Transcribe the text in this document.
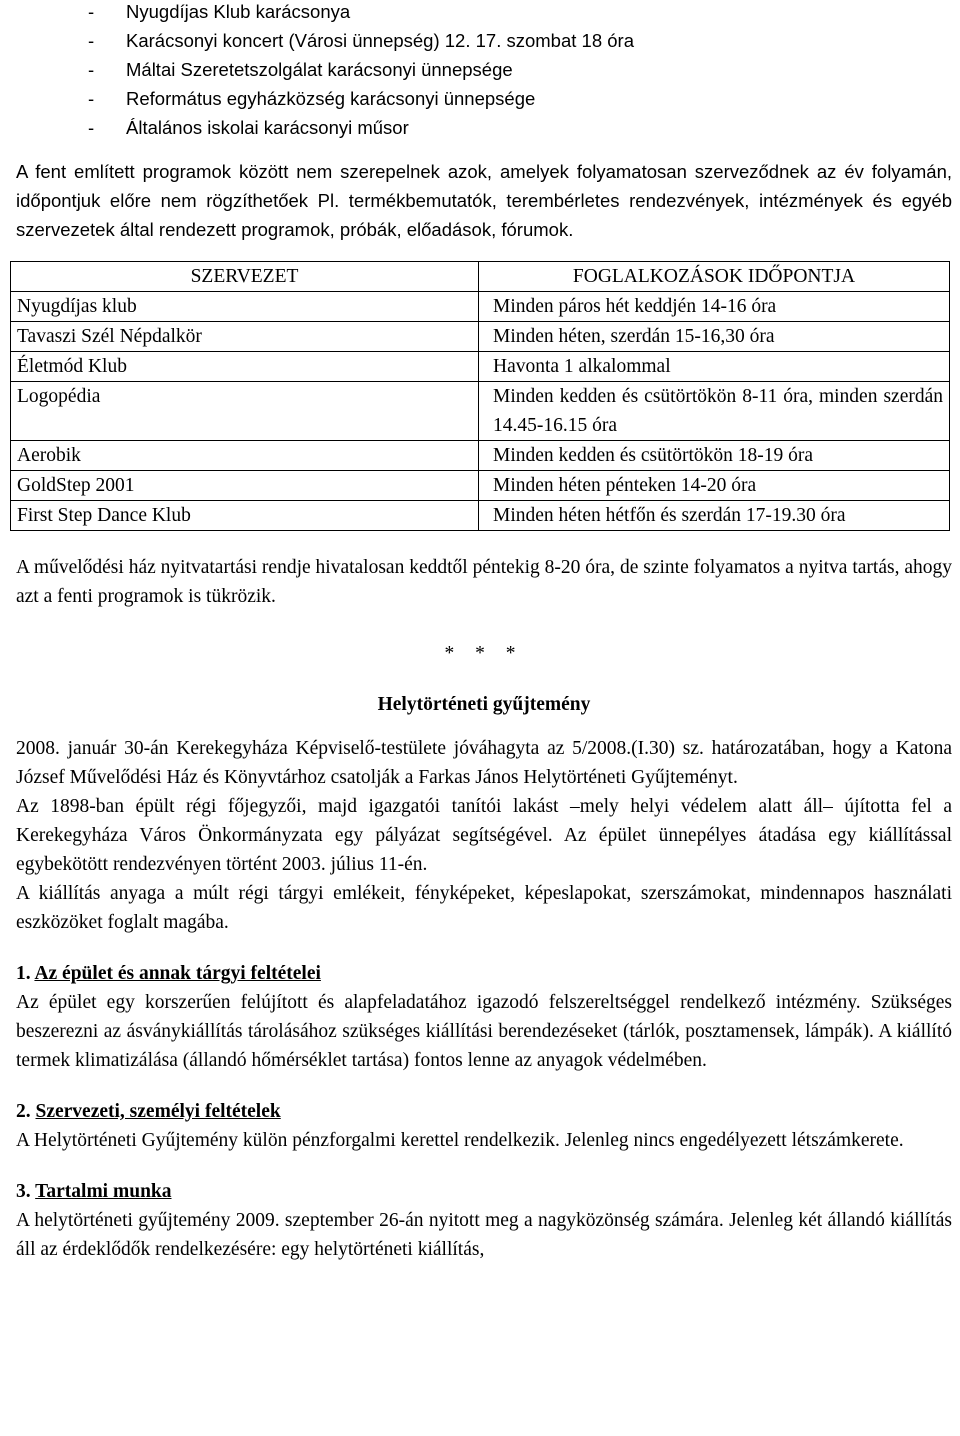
- Nyugdíjas Klub karácsonya
- Karácsonyi koncert (Városi ünnepség) 12. 17. szombat 18 óra
- Máltai Szeretetszolgálat karácsonyi ünnepsége
- Református egyházközség karácsonyi ünnepsége
- Általános iskolai karácsonyi műsor

A fent említett programok között nem szerepelnek azok, amelyek folyamatosan szerveződnek az év folyamán, időpontjuk előre nem rögzíthetőek Pl. termékbemutatók, terembérletes rendezvények, intézmények és egyéb szervezetek által rendezett programok, próbák, előadások, fórumok.

SZERVEZET	FOGLALKOZÁSOK IDŐPONTJA
Nyugdíjas klub	Minden páros hét keddjén 14-16 óra
Tavaszi Szél Népdalkör	Minden héten, szerdán 15-16,30 óra
Életmód Klub	Havonta 1 alkalommal
Logopédia	Minden kedden és csütörtökön 8-11 óra, minden szerdán 14.45-16.15 óra
Aerobik	Minden kedden és csütörtökön 18-19 óra
GoldStep 2001	Minden héten pénteken 14-20 óra
First Step Dance Klub	Minden héten hétfőn és szerdán 17-19.30 óra

A művelődési ház nyitvatartási rendje hivatalosan keddtől péntekig 8-20 óra, de szinte folyamatos a nyitva tartás, ahogy azt a fenti programok is tükrözik.

* * *
Helytörténeti gyűjtemény

2008. január 30-án Kerekegyháza Képviselő-testülete jóváhagyta az 5/2008.(I.30) sz. határozatában, hogy a Katona József Művelődési Ház és Könyvtárhoz csatolják a Farkas János Helytörténeti Gyűjteményt.

Az 1898-ban épült régi főjegyzői, majd igazgatói tanítói lakást –mely helyi védelem alatt áll– újította fel a Kerekegyháza Város Önkormányzata egy pályázat segítségével. Az épület ünnepélyes átadása egy kiállítással egybekötött rendezvényen történt 2003. július 11-én.

A kiállítás anyaga a múlt régi tárgyi emlékeit, fényképeket, képeslapokat, szerszámokat, mindennapos használati eszközöket foglalt magába.

1. Az épület és annak tárgyi feltételei

Az épület egy korszerűen felújított és alapfeladatához igazodó felszereltséggel rendelkező intézmény. Szükséges beszerezni az ásványkiállítás tárolásához szükséges kiállítási berendezéseket (tárlók, posztamensek, lámpák). A kiállító termek klimatizálása (állandó hőmérséklet tartása) fontos lenne az anyagok védelmében.

2. Szervezeti, személyi feltételek

A Helytörténeti Gyűjtemény külön pénzforgalmi kerettel rendelkezik. Jelenleg nincs engedélyezett létszámkerete.

3. Tartalmi munka

A helytörténeti gyűjtemény 2009. szeptember 26-án nyitott meg a nagyközönség számára. Jelenleg két állandó kiállítás áll az érdeklődők rendelkezésére: egy helytörténeti kiállítás,
